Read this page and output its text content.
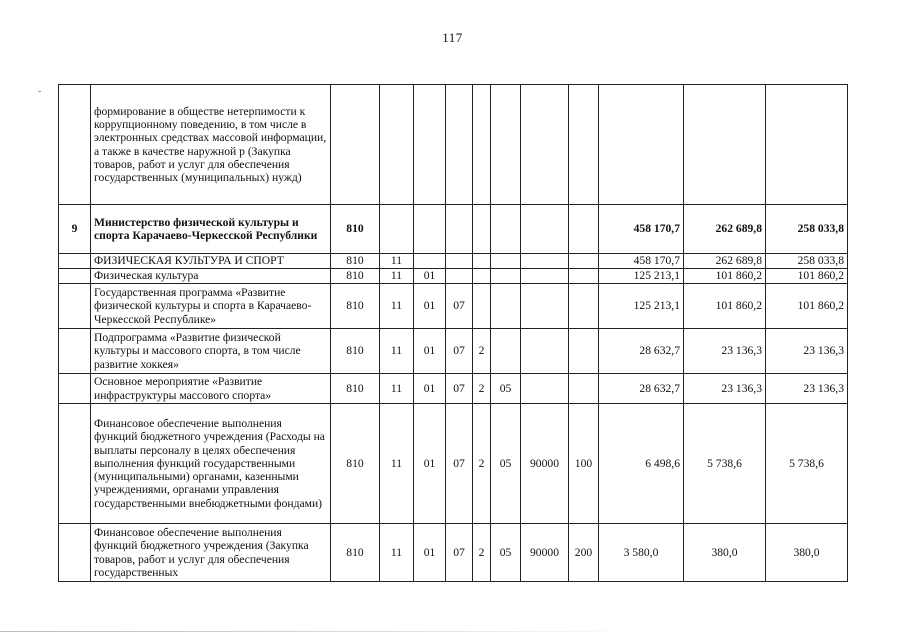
117
	формирование в обществе нетерпимости к коррупционному поведению, в том числе в электронных средствах массовой информации, а также в качестве наружной р (Закупка товаров, работ и услуг для обеспечения государственных (муниципальных) нужд)											
9	Министерство физической культуры и спорта Карачаево-Черкесской Республики	810								458 170,7	262 689,8	258 033,8
	ФИЗИЧЕСКАЯ КУЛЬТУРА И СПОРТ	810	11							458 170,7	262 689,8	258 033,8
	Физическая культура	810	11	01						125 213,1	101 860,2	101 860,2
	Государственная программа «Развитие физической культуры и спорта в Карачаево-Черкесской Республике»	810	11	01	07					125 213,1	101 860,2	101 860,2
	Подпрограмма «Развитие физической культуры и массового спорта, в том числе развитие хоккея»	810	11	01	07	2				28 632,7	23 136,3	23 136,3
	Основное мероприятие «Развитие инфраструктуры массового спорта»	810	11	01	07	2	05			28 632,7	23 136,3	23 136,3
	Финансовое обеспечение выполнения функций бюджетного учреждения (Расходы на выплаты персоналу в целях обеспечения выполнения функций государственными (муниципальными) органами, казенными учреждениями, органами управления государственными внебюджетными фондами)	810	11	01	07	2	05	90000	100	6 498,6	5 738,6	5 738,6
	Финансовое обеспечение выполнения функций бюджетного учреждения (Закупка товаров, работ и услуг для обеспечения государственных	810	11	01	07	2	05	90000	200	3 580,0	380,0	380,0
